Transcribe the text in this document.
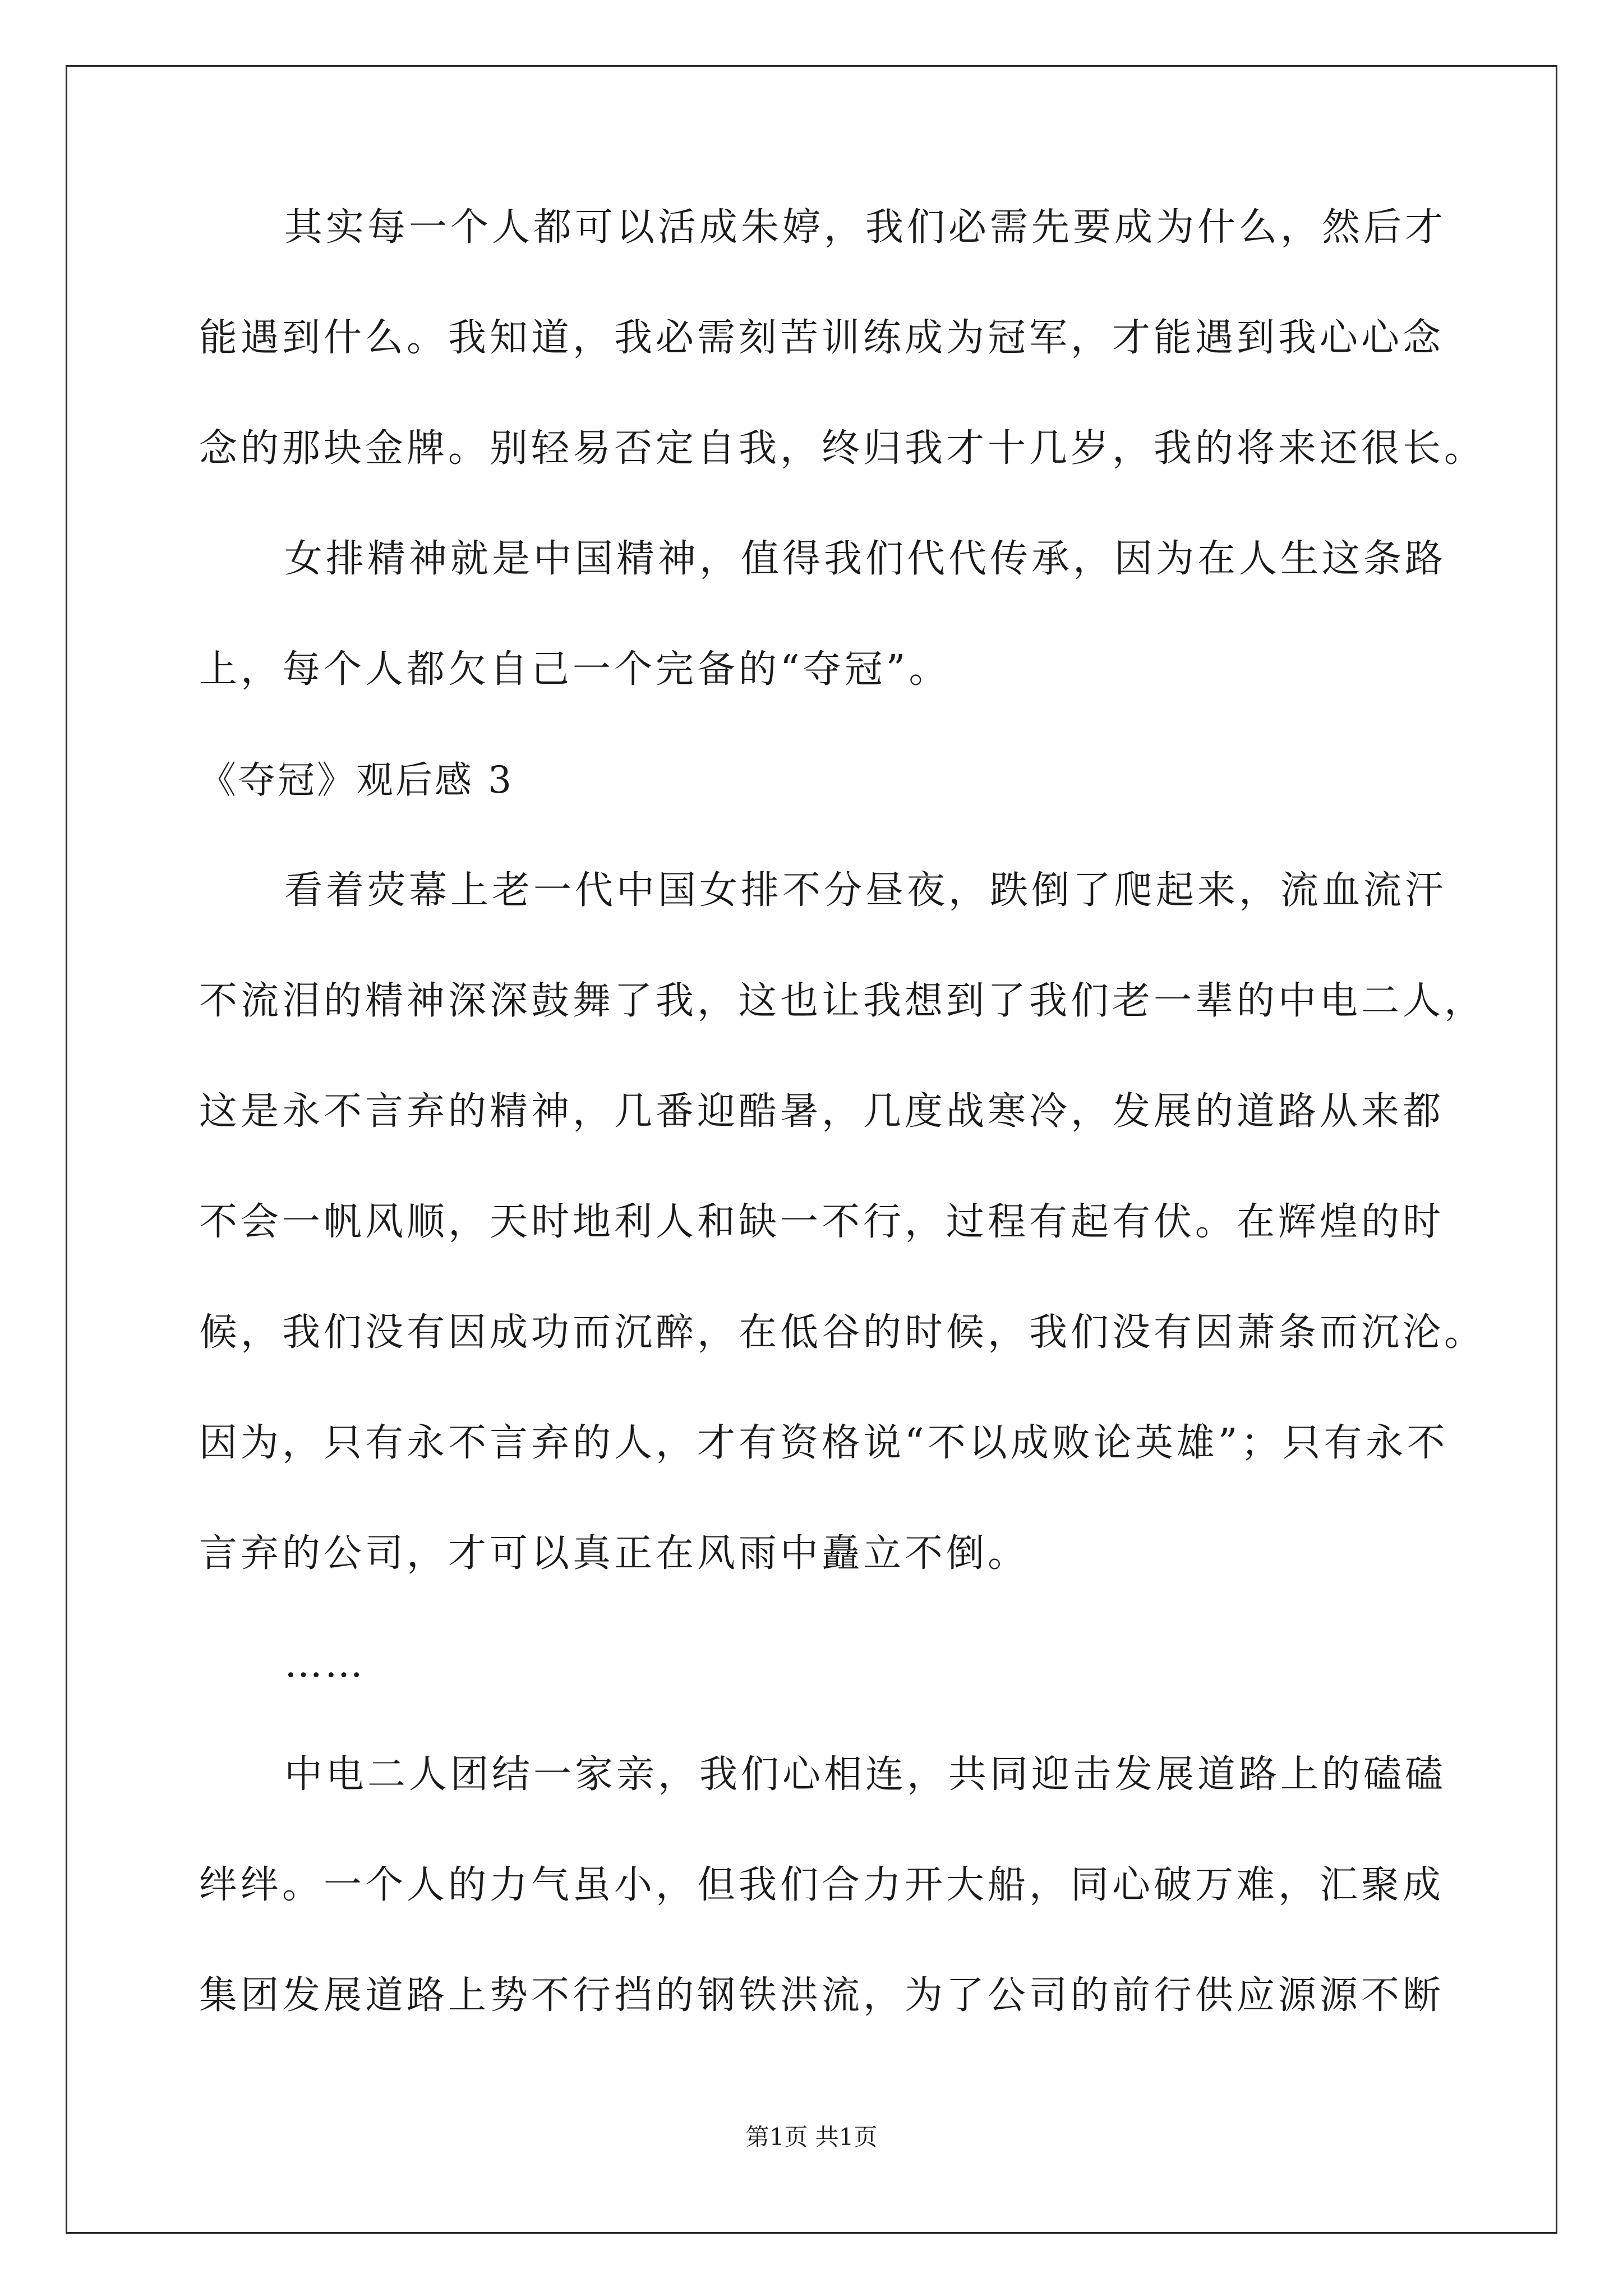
其实每一个人都可以活成朱婷，我们必需先要成为什么，然后才

能遇到什么。我知道，我必需刻苦训练成为冠军，才能遇到我心心念

念的那块金牌。别轻易否定自我，终归我才十几岁，我的将来还很长。

女排精神就是中国精神，值得我们代代传承，因为在人生这条路

上，每个人都欠自己一个完备的“夺冠”。

《夺冠》观后感 3

看着荧幕上老一代中国女排不分昼夜，跌倒了爬起来，流血流汗

不流泪的精神深深鼓舞了我，这也让我想到了我们老一辈的中电二人，

这是永不言弃的精神，几番迎酷暑，几度战寒冷，发展的道路从来都

不会一帆风顺，天时地利人和缺一不行，过程有起有伏。在辉煌的时

候，我们没有因成功而沉醉，在低谷的时候，我们没有因萧条而沉沦。

因为，只有永不言弃的人，才有资格说“不以成败论英雄”；只有永不

言弃的公司，才可以真正在风雨中矗立不倒。

……

中电二人团结一家亲，我们心相连，共同迎击发展道路上的磕磕

绊绊。一个人的力气虽小，但我们合力开大船，同心破万难，汇聚成

集团发展道路上势不行挡的钢铁洪流，为了公司的前行供应源源不断

第1页 共1页
